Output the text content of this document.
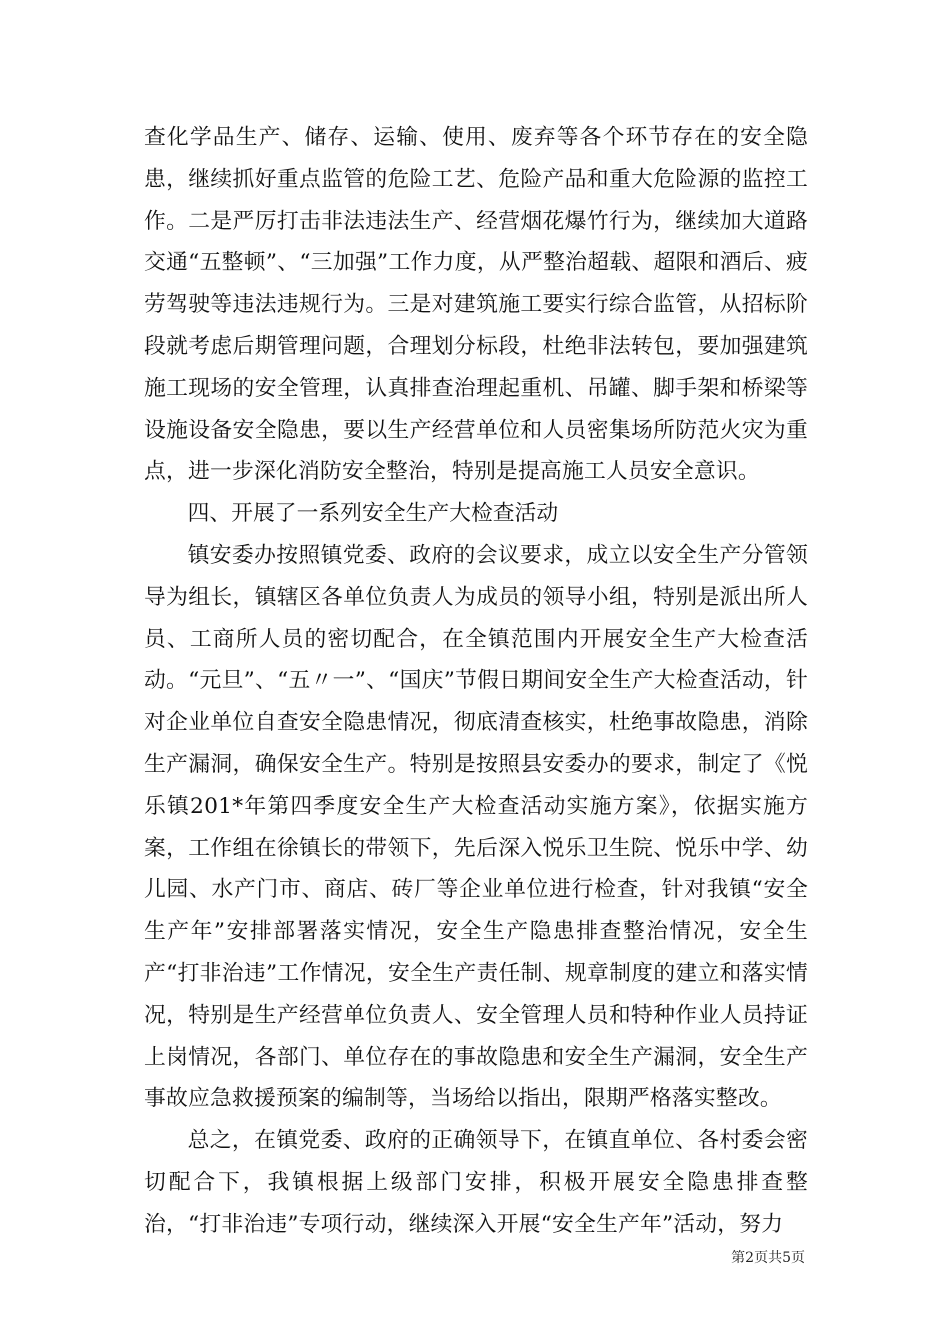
查化学品生产、储存、运输、使用、废弃等各个环节存在的安全隐患，继续抓好重点监管的危险工艺、危险产品和重大危险源的监控工作。二是严厉打击非法违法生产、经营烟花爆竹行为，继续加大道路交通“五整顿”、“三加强”工作力度，从严整治超载、超限和酒后、疲劳驾驶等违法违规行为。三是对建筑施工要实行综合监管，从招标阶段就考虑后期管理问题，合理划分标段，杜绝非法转包，要加强建筑施工现场的安全管理，认真排查治理起重机、吊罐、脚手架和桥梁等设施设备安全隐患，要以生产经营单位和人员密集场所防范火灾为重点，进一步深化消防安全整治，特别是提高施工人员安全意识。

四、开展了一系列安全生产大检查活动

镇安委办按照镇党委、政府的会议要求，成立以安全生产分管领导为组长，镇辖区各单位负责人为成员的领导小组，特别是派出所人员、工商所人员的密切配合，在全镇范围内开展安全生产大检查活动。“元旦”、“五〃一”、“国庆”节假日期间安全生产大检查活动，针对企业单位自查安全隐患情况，彻底清查核实，杜绝事故隐患，消除生产漏洞，确保安全生产。特别是按照县安委办的要求，制定了《悦乐镇201*年第四季度安全生产大检查活动实施方案》，依据实施方案，工作组在徐镇长的带领下，先后深入悦乐卫生院、悦乐中学、幼儿园、水产门市、商店、砖厂等企业单位进行检查，针对我镇“安全生产年”安排部署落实情况，安全生产隐患排查整治情况，安全生产“打非治违”工作情况，安全生产责任制、规章制度的建立和落实情况，特别是生产经营单位负责人、安全管理人员和特种作业人员持证上岗情况，各部门、单位存在的事故隐患和安全生产漏洞，安全生产事故应急救援预案的编制等，当场给以指出，限期严格落实整改。

总之，在镇党委、政府的正确领导下，在镇直单位、各村委会密切配合下，我镇根据上级部门安排，积极开展安全隐患排查整治，“打非治违”专项行动，继续深入开展“安全生产年”活动，努力

第2页共5页
